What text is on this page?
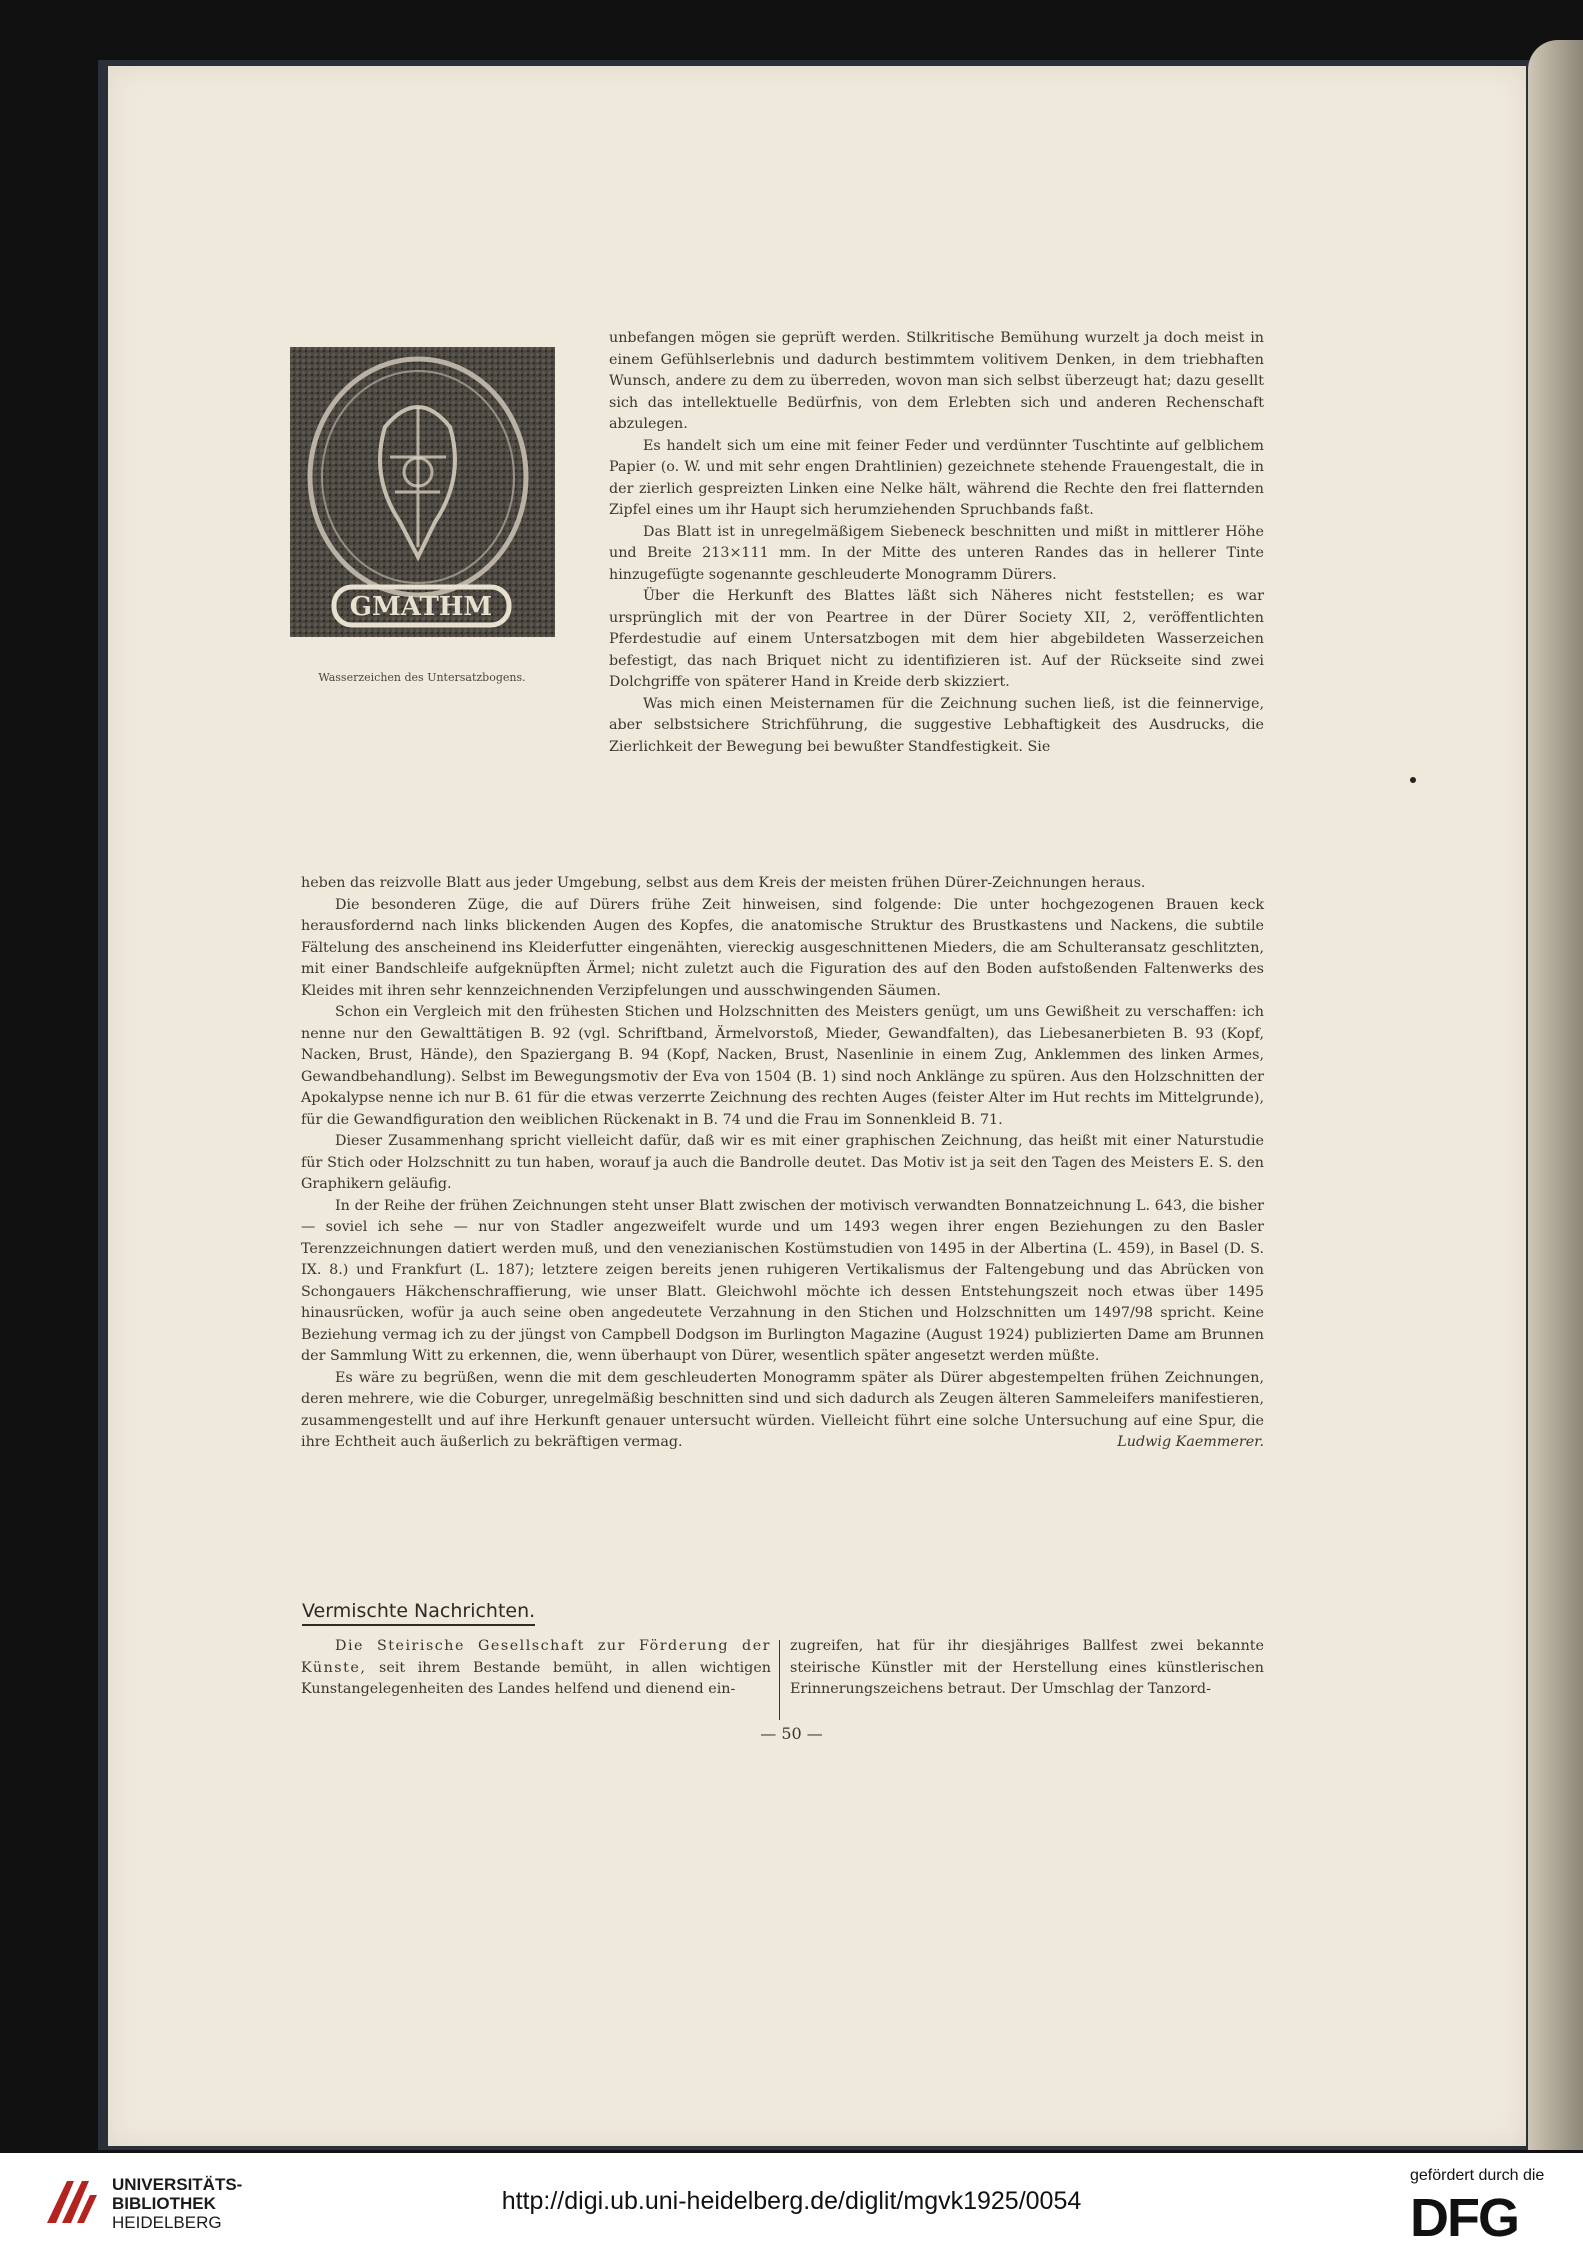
GMATHM
Wasserzeichen des Untersatzbogens.

unbefangen mögen sie geprüft werden. Stilkritische Bemühung wurzelt ja doch meist in einem Gefühlserlebnis und dadurch bestimmtem volitivem Denken, in dem triebhaften Wunsch, andere zu dem zu überreden, wovon man sich selbst überzeugt hat; dazu gesellt sich das intellektuelle Bedürfnis, von dem Erlebten sich und anderen Rechenschaft abzulegen.

Es handelt sich um eine mit feiner Feder und verdünnter Tuschtinte auf gelblichem Papier (o. W. und mit sehr engen Drahtlinien) gezeichnete stehende Frauengestalt, die in der zierlich gespreizten Linken eine Nelke hält, während die Rechte den frei flatternden Zipfel eines um ihr Haupt sich herumziehenden Spruchbands faßt.

Das Blatt ist in unregelmäßigem Siebeneck beschnitten und mißt in mittlerer Höhe und Breite 213×111 mm. In der Mitte des unteren Randes das in hellerer Tinte hinzugefügte sogenannte geschleuderte Monogramm Dürers.

Über die Herkunft des Blattes läßt sich Näheres nicht feststellen; es war ursprünglich mit der von Peartree in der Dürer Society XII, 2, veröffentlichten Pferdestudie auf einem Untersatzbogen mit dem hier abgebildeten Wasserzeichen befestigt, das nach Briquet nicht zu identifizieren ist. Auf der Rückseite sind zwei Dolchgriffe von späterer Hand in Kreide derb skizziert.

Was mich einen Meisternamen für die Zeichnung suchen ließ, ist die feinnervige, aber selbstsichere Strichführung, die suggestive Lebhaftigkeit des Ausdrucks, die Zierlichkeit der Bewegung bei bewußter Standfestigkeit. Sie

heben das reizvolle Blatt aus jeder Umgebung, selbst aus dem Kreis der meisten frühen Dürer-Zeichnungen heraus.

Die besonderen Züge, die auf Dürers frühe Zeit hinweisen, sind folgende: Die unter hochgezogenen Brauen keck herausfordernd nach links blickenden Augen des Kopfes, die anatomische Struktur des Brustkastens und Nackens, die subtile Fältelung des anscheinend ins Kleiderfutter eingenähten, viereckig ausgeschnittenen Mieders, die am Schulteransatz geschlitzten, mit einer Bandschleife aufgeknüpften Ärmel; nicht zuletzt auch die Figuration des auf den Boden aufstoßenden Faltenwerks des Kleides mit ihren sehr kennzeichnenden Verzipfelungen und ausschwingenden Säumen.

Schon ein Vergleich mit den frühesten Stichen und Holzschnitten des Meisters genügt, um uns Gewißheit zu verschaffen: ich nenne nur den Gewalttätigen B. 92 (vgl. Schriftband, Ärmelvorstoß, Mieder, Gewandfalten), das Liebesanerbieten B. 93 (Kopf, Nacken, Brust, Hände), den Spaziergang B. 94 (Kopf, Nacken, Brust, Nasenlinie in einem Zug, Anklemmen des linken Armes, Gewandbehandlung). Selbst im Bewegungsmotiv der Eva von 1504 (B. 1) sind noch Anklänge zu spüren. Aus den Holzschnitten der Apokalypse nenne ich nur B. 61 für die etwas verzerrte Zeichnung des rechten Auges (feister Alter im Hut rechts im Mittelgrunde), für die Gewandfiguration den weiblichen Rückenakt in B. 74 und die Frau im Sonnenkleid B. 71.

Dieser Zusammenhang spricht vielleicht dafür, daß wir es mit einer graphischen Zeichnung, das heißt mit einer Naturstudie für Stich oder Holzschnitt zu tun haben, worauf ja auch die Bandrolle deutet. Das Motiv ist ja seit den Tagen des Meisters E. S. den Graphikern geläufig.

In der Reihe der frühen Zeichnungen steht unser Blatt zwischen der motivisch verwandten Bonnatzeichnung L. 643, die bisher — soviel ich sehe — nur von Stadler angezweifelt wurde und um 1493 wegen ihrer engen Beziehungen zu den Basler Terenzzeichnungen datiert werden muß, und den venezianischen Kostümstudien von 1495 in der Albertina (L. 459), in Basel (D. S. IX. 8.) und Frankfurt (L. 187); letztere zeigen bereits jenen ruhigeren Vertikalismus der Faltengebung und das Abrücken von Schongauers Häkchenschraffierung, wie unser Blatt. Gleichwohl möchte ich dessen Entstehungszeit noch etwas über 1495 hinausrücken, wofür ja auch seine oben angedeutete Verzahnung in den Stichen und Holzschnitten um 1497/98 spricht. Keine Beziehung vermag ich zu der jüngst von Campbell Dodgson im Burlington Magazine (August 1924) publizierten Dame am Brunnen der Sammlung Witt zu erkennen, die, wenn überhaupt von Dürer, wesentlich später angesetzt werden müßte.

Es wäre zu begrüßen, wenn die mit dem geschleuderten Monogramm später als Dürer abgestempelten frühen Zeichnungen, deren mehrere, wie die Coburger, unregelmäßig beschnitten sind und sich dadurch als Zeugen älteren Sammeleifers manifestieren, zusammengestellt und auf ihre Herkunft genauer untersucht würden. Vielleicht führt eine solche Untersuchung auf eine Spur, die ihre Echtheit auch äußerlich zu bekräftigen vermag.	Ludwig Kaemmerer.

Vermischte Nachrichten.

Die Steirische Gesellschaft zur Förderung der Künste, seit ihrem Bestande bemüht, in allen wichtigen Kunstangelegenheiten des Landes helfend und dienend ein-

zugreifen, hat für ihr diesjähriges Ballfest zwei bekannte steirische Künstler mit der Herstellung eines künstlerischen Erinnerungszeichens betraut. Der Umschlag der Tanzord-

— 50 —
UNIVERSITÄTS-
BIBLIOTHEK
HEIDELBERG
http://digi.ub.uni-heidelberg.de/diglit/mgvk1925/0054
gefördert durch die
DFG
